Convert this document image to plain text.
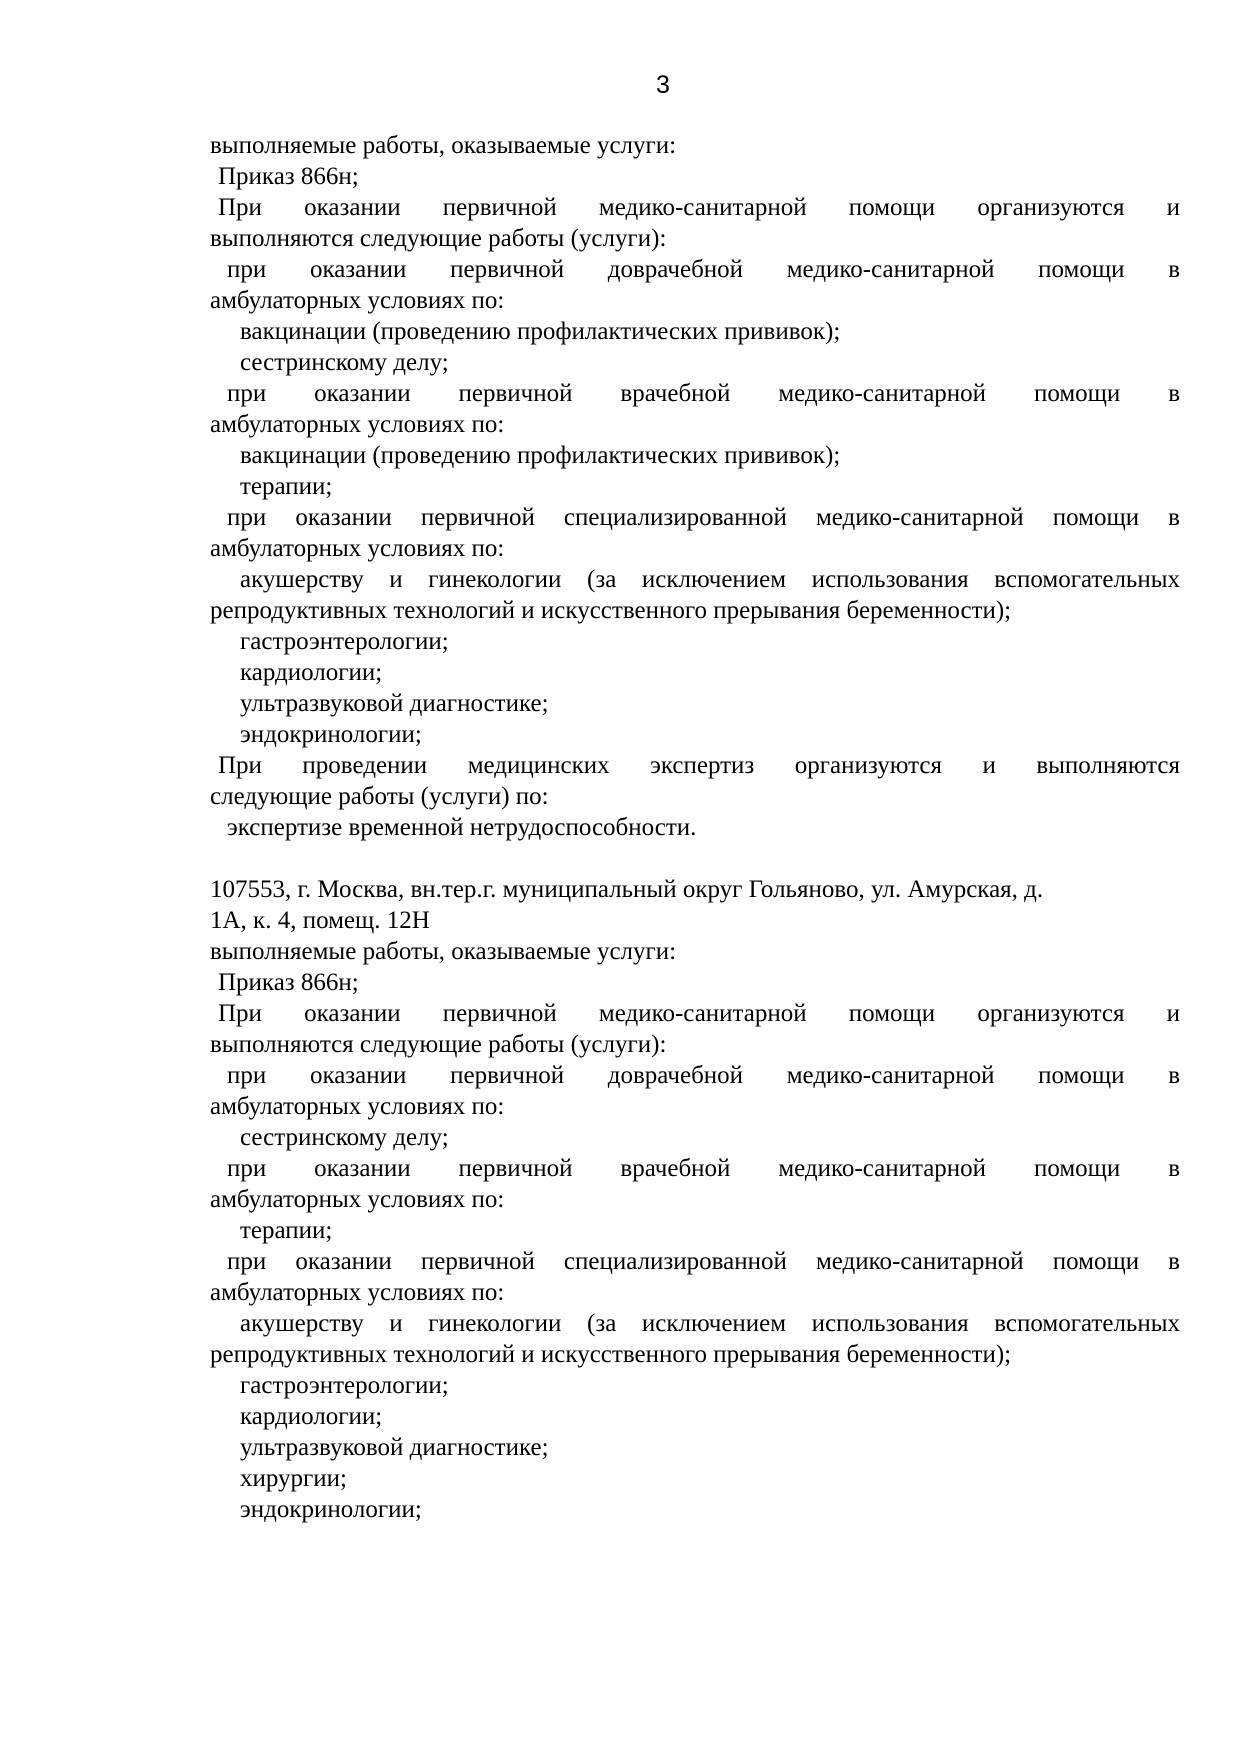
3
выполняемые работы, оказываемые услуги:
Приказ 866н;
При оказании первичной медико-санитарной помощи организуются и
выполняются следующие работы (услуги):
при оказании первичной доврачебной медико-санитарной помощи в
амбулаторных условиях по:
вакцинации (проведению профилактических прививок);
сестринскому делу;
при оказании первичной врачебной медико-санитарной помощи в
амбулаторных условиях по:
вакцинации (проведению профилактических прививок);
терапии;
при оказании первичной специализированной медико-санитарной помощи в
амбулаторных условиях по:
акушерству и гинекологии (за исключением использования вспомогательных
репродуктивных технологий и искусственного прерывания беременности);
гастроэнтерологии;
кардиологии;
ультразвуковой диагностике;
эндокринологии;
При проведении медицинских экспертиз организуются и выполняются
следующие работы (услуги) по:
экспертизе временной нетрудоспособности.
107553, г. Москва, вн.тер.г. муниципальный округ Гольяново, ул. Амурская, д.
1А, к. 4, помещ. 12Н
выполняемые работы, оказываемые услуги:
Приказ 866н;
При оказании первичной медико-санитарной помощи организуются и
выполняются следующие работы (услуги):
при оказании первичной доврачебной медико-санитарной помощи в
амбулаторных условиях по:
сестринскому делу;
при оказании первичной врачебной медико-санитарной помощи в
амбулаторных условиях по:
терапии;
при оказании первичной специализированной медико-санитарной помощи в
амбулаторных условиях по:
акушерству и гинекологии (за исключением использования вспомогательных
репродуктивных технологий и искусственного прерывания беременности);
гастроэнтерологии;
кардиологии;
ультразвуковой диагностике;
хирургии;
эндокринологии;
